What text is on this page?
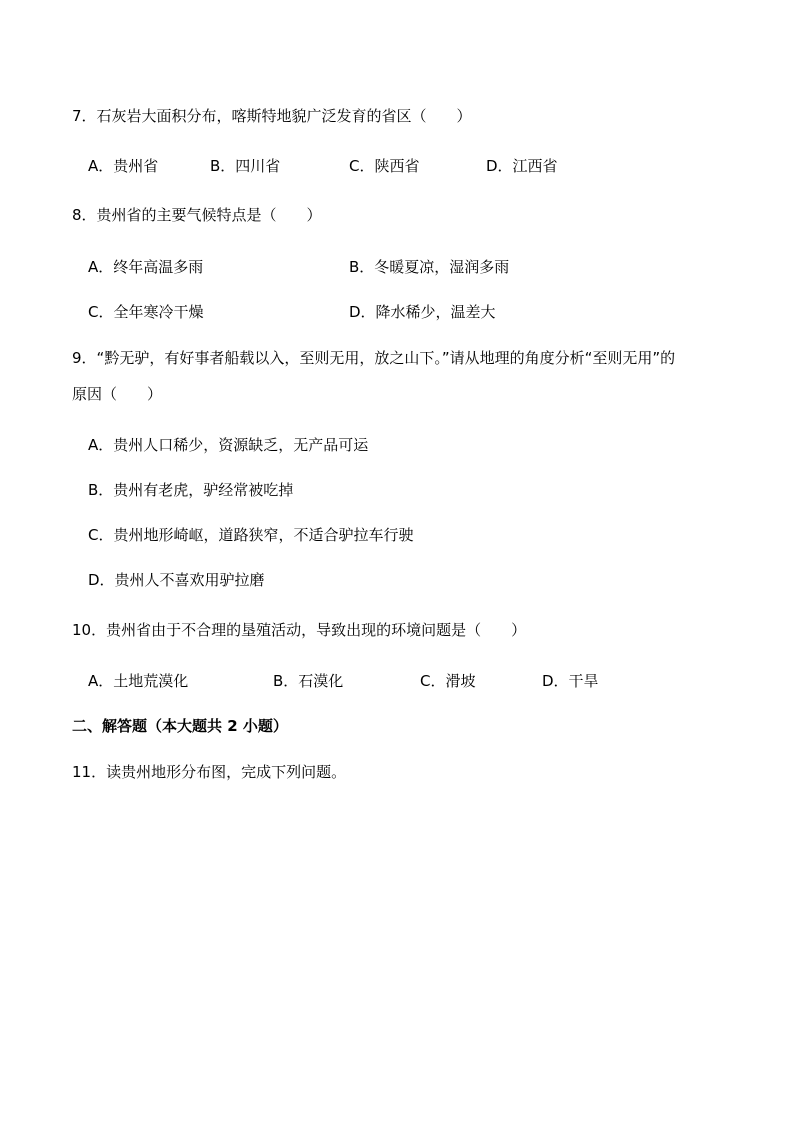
7．石灰岩大面积分布，喀斯特地貌广泛发育的省区（　　）
A．贵州省	B．四川省	C．陕西省	D．江西省
8．贵州省的主要气候特点是（　　）
A．终年高温多雨	B．冬暖夏凉，湿润多雨
C．全年寒冷干燥	D．降水稀少，温差大
9．“黔无驴，有好事者船载以入，至则无用，放之山下。”请从地理的角度分析“至则无用”的
原因（　　）
A．贵州人口稀少，资源缺乏，无产品可运
B．贵州有老虎，驴经常被吃掉
C．贵州地形崎岖，道路狭窄，不适合驴拉车行驶
D．贵州人不喜欢用驴拉磨
10．贵州省由于不合理的垦殖活动，导致出现的环境问题是（　　）
A．土地荒漠化	B．石漠化	C．滑坡	D．干旱
二、解答题（本大题共 2 小题）
11．读贵州地形分布图，完成下列问题。
